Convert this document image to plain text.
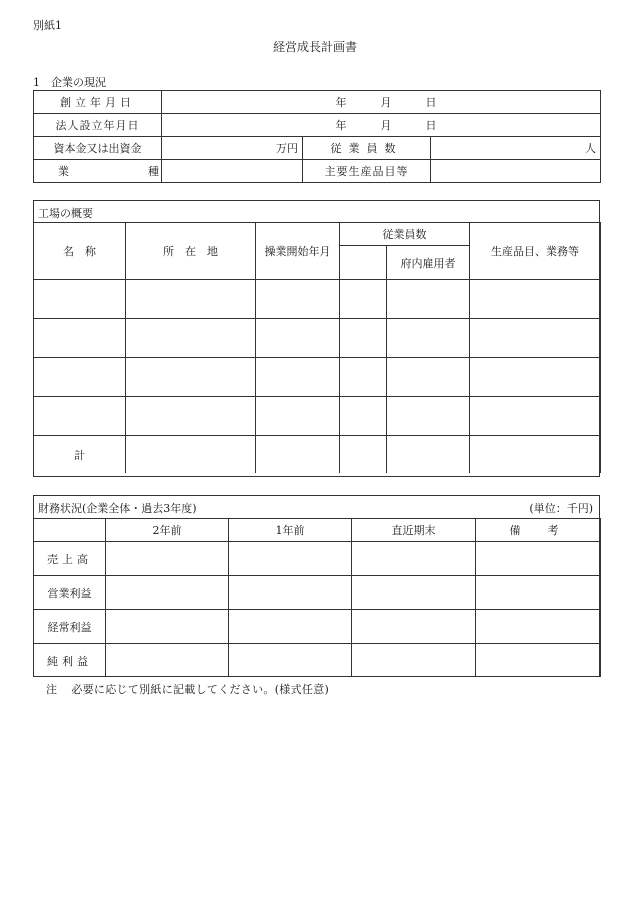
別紙1
経営成長計画書
1　企業の現況
創立年月日	年 月 日		
法人設立年月日	年 月 日		
資本金又は出資金	万円	従業員数	人
業　種		主要生産品目等	
工場の概要
名　称	所　在　地	操業開始年月	従業員数		生産品目、業務等
				府内雇用者	

計					
財務状況(企業全体・過去3年度)	(単位：千円)
	2年前	1年前	直近期末	備　考
売上高				
営業利益				
経常利益				
純利益				
注 必要に応じて別紙に記載してください。(様式任意)
